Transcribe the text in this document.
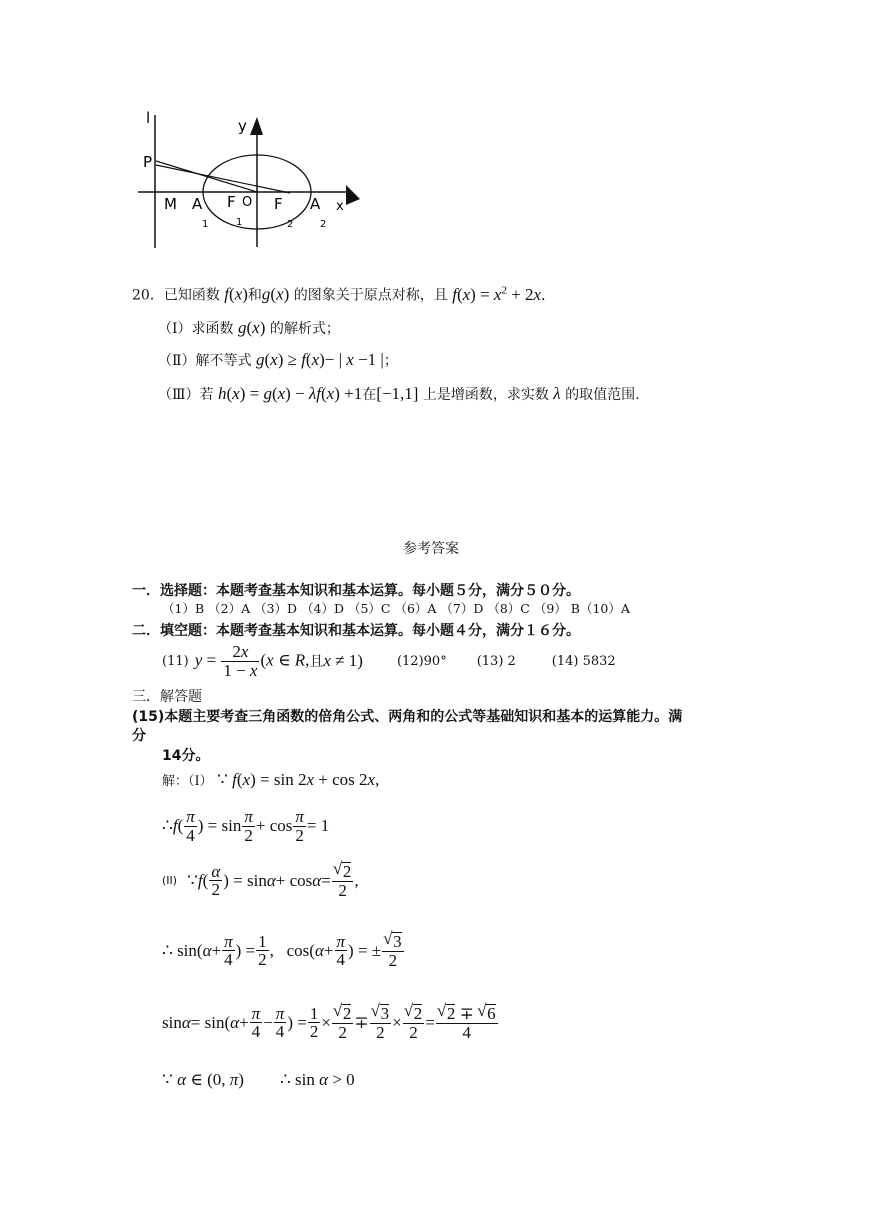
l	y
x
P
M A F O F A
1	1	2	2
20．已知函数 f(x)和g(x) 的图象关于原点对称，且 $f(x) = x^2 + 2x$.
（Ⅰ）求函数 g(x) 的解析式；
（Ⅱ）解不等式 g(x) ≥ f(x)− | x −1 |；
（Ⅲ）若 h(x) = g(x) − λf(x) +1在[−1,1] 上是增函数，求实数 λ 的取值范围.
参考答案
一．选择题：本题考查基本知识和基本运算。每小题５分，满分５０分。
（1）B （2）A （3）D （4）D （5）C （6）A （7）D （8）C （9） B（10）A
二．填空题：本题考查基本知识和基本运算。每小题４分，满分１６分。
(11) $y = \frac{2x}{1 - x} (x$ ∈ R, 且 x ≠ 1)	(12)90° (13) 2	(14) 5832
三．解答题
(15)本题主要考查三角函数的倍角公式、两角和的公式等基础知识和基本的运算能力。满
分
14分。
解：（Ⅰ） ∵ f(x) = sin 2x + cos 2x,
∴ f ( $\frac{\pi}{4}$ ) = $\sin \frac{\pi}{2} + \cos \frac{\pi}{2} = 1$
(II) ∵ f ( $\frac{\alpha}{2}$ ) = sin α + cos α = √ $\frac{2}{2}$ ,
∴ sin( $\alpha + \frac{\pi}{4}$ ) = $\frac{1}{2}$ ,   cos( $\alpha + \frac{\pi}{4}$ ) = ± √ $\frac{3}{2}$
sin α = sin( $\alpha + \frac{\pi}{4} - \frac{\pi}{4}$ ) = $\frac{1}{2}$ × √ $\frac{2}{2}$ ∓ √ $\frac{3}{2}$ × √ $\frac{2}{2}$ = √ $\frac{2 \mp √ 6}{4}$
∵ α ∈ (0, π) ∴ sin α > 0
